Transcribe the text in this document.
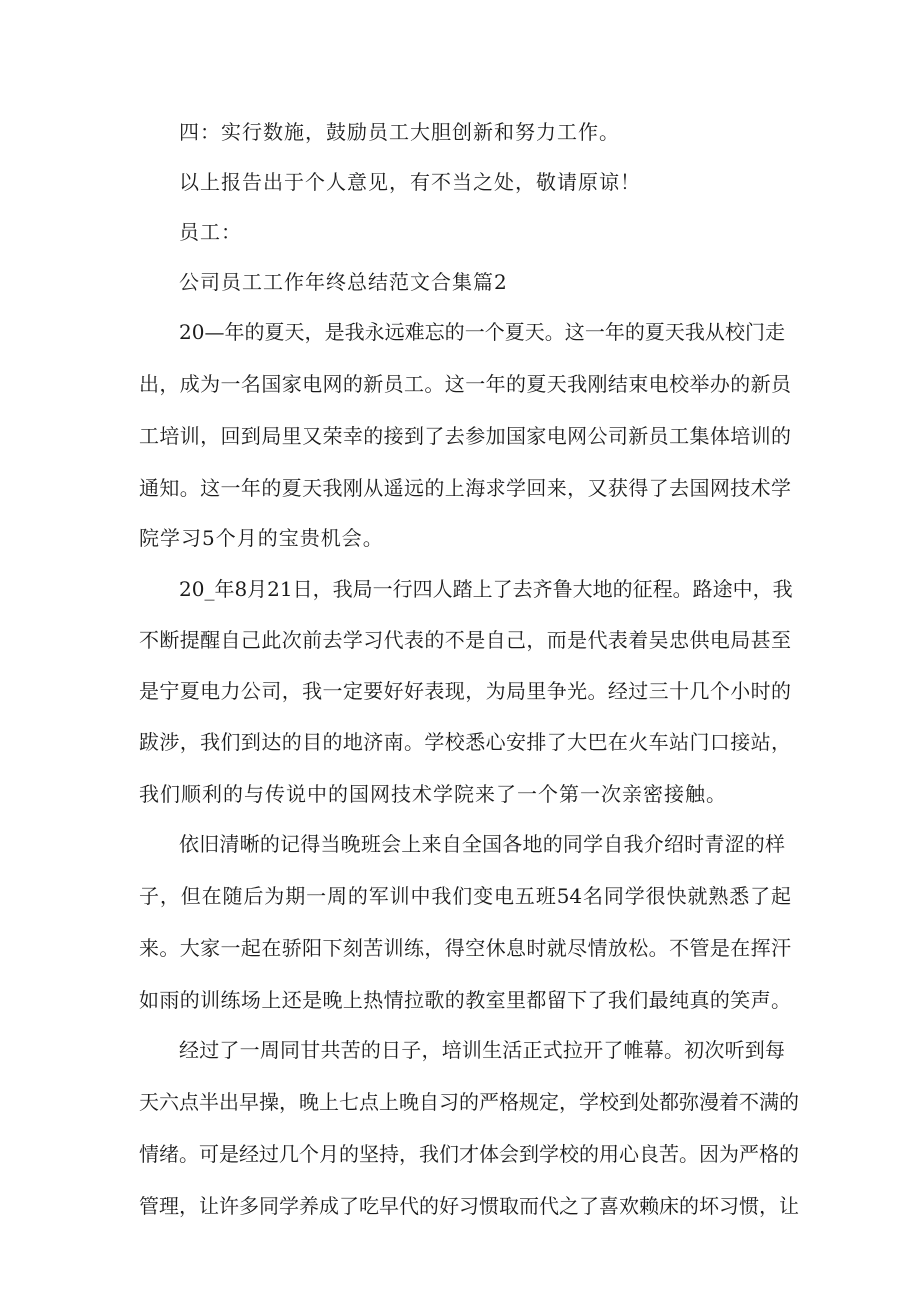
四：实行数施，鼓励员工大胆创新和努力工作。
以上报告出于个人意见，有不当之处，敬请原谅！
员工：
公司员工工作年终总结范文合集篇2
20—年的夏天，是我永远难忘的一个夏天。这一年的夏天我从校门走
出，成为一名国家电网的新员工。这一年的夏天我刚结束电校举办的新员
工培训，回到局里又荣幸的接到了去参加国家电网公司新员工集体培训的
通知。这一年的夏天我刚从遥远的上海求学回来，又获得了去国网技术学
院学习5个月的宝贵机会。
20_年8月21日，我局一行四人踏上了去齐鲁大地的征程。路途中，我
不断提醒自己此次前去学习代表的不是自己，而是代表着吴忠供电局甚至
是宁夏电力公司，我一定要好好表现，为局里争光。经过三十几个小时的
跋涉，我们到达的目的地济南。学校悉心安排了大巴在火车站门口接站，
我们顺利的与传说中的国网技术学院来了一个第一次亲密接触。
依旧清晰的记得当晚班会上来自全国各地的同学自我介绍时青涩的样
子，但在随后为期一周的军训中我们变电五班54名同学很快就熟悉了起
来。大家一起在骄阳下刻苦训练，得空休息时就尽情放松。不管是在挥汗
如雨的训练场上还是晚上热情拉歌的教室里都留下了我们最纯真的笑声。
经过了一周同甘共苦的日子，培训生活正式拉开了帷幕。初次听到每
天六点半出早操，晚上七点上晚自习的严格规定，学校到处都弥漫着不满的
情绪。可是经过几个月的坚持，我们才体会到学校的用心良苦。因为严格的
管理，让许多同学养成了吃早代的好习惯取而代之了喜欢赖床的坏习惯，让
